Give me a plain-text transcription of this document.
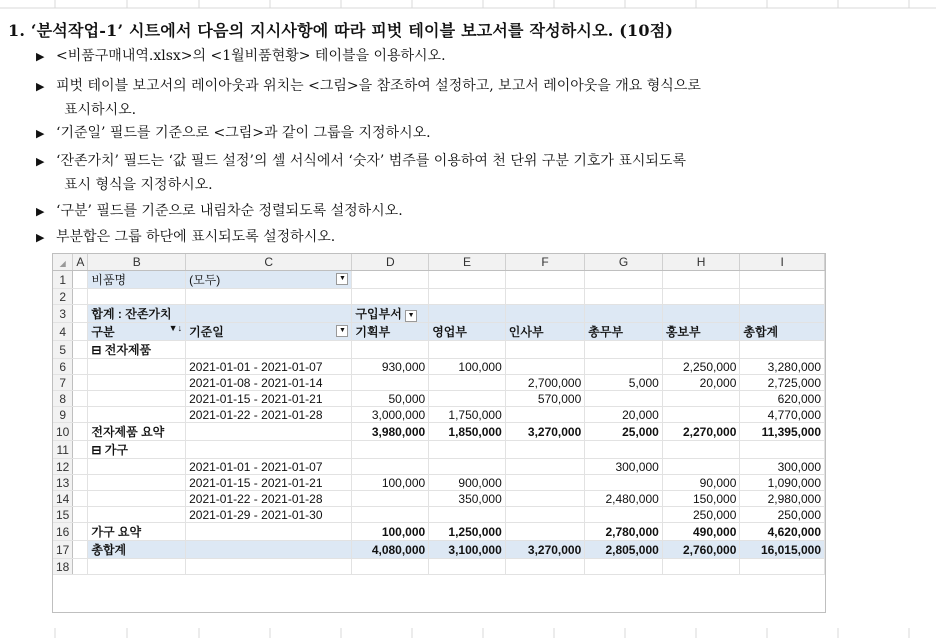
1. ‘분석작업-1’ 시트에서 다음의 지시사항에 따라 피벗 테이블 보고서를 작성하시오. (10점)
▶ <비품구매내역.xlsx>의 <1월비품현황> 테이블을 이용하시오.
▶ 피벗 테이블 보고서의 레이아웃과 위치는 <그림>을 참조하여 설정하고, 보고서 레이아웃을 개요 형식으로
표시하시오.
▶ ‘기준일’ 필드를 기준으로 <그림>과 같이 그룹을 지정하시오.
▶ ‘잔존가치’ 필드는 ‘값 필드 설정’의 셀 서식에서 ‘숫자’ 범주를 이용하여 천 단위 구분 기호가 표시되도록
표시 형식을 지정하시오.
▶ ‘구분’ 필드를 기준으로 내림차순 정렬되도록 설정하시오.
▶ 부분합은 그룹 하단에 표시되도록 설정하시오.
◢	A	B	C	D	E	F	G	H	I
1		비품명	(모두) ▼						

2									
3		합계 : 잔존가치		구입부서 ▼					
4		구분 ▼↓	기준일 ▼	기획부	영업부	인사부	총무부	홍보부	총합계
5		⊟ 전자제품							
6			2021-01-01 - 2021-01-07	930,000	100,000			2,250,000	3,280,000
7			2021-01-08 - 2021-01-14			2,700,000	5,000	20,000	2,725,000
8			2021-01-15 - 2021-01-21	50,000		570,000			620,000
9			2021-01-22 - 2021-01-28	3,000,000	1,750,000		20,000		4,770,000
10		전자제품 요약		3,980,000	1,850,000	3,270,000	25,000	2,270,000	11,395,000
11		⊟ 가구							
12			2021-01-01 - 2021-01-07				300,000		300,000
13			2021-01-15 - 2021-01-21	100,000	900,000			90,000	1,090,000
14			2021-01-22 - 2021-01-28		350,000		2,480,000	150,000	2,980,000
15			2021-01-29 - 2021-01-30					250,000	250,000
16		가구 요약		100,000	1,250,000		2,780,000	490,000	4,620,000
17		총합계		4,080,000	3,100,000	3,270,000	2,805,000	2,760,000	16,015,000
18									
